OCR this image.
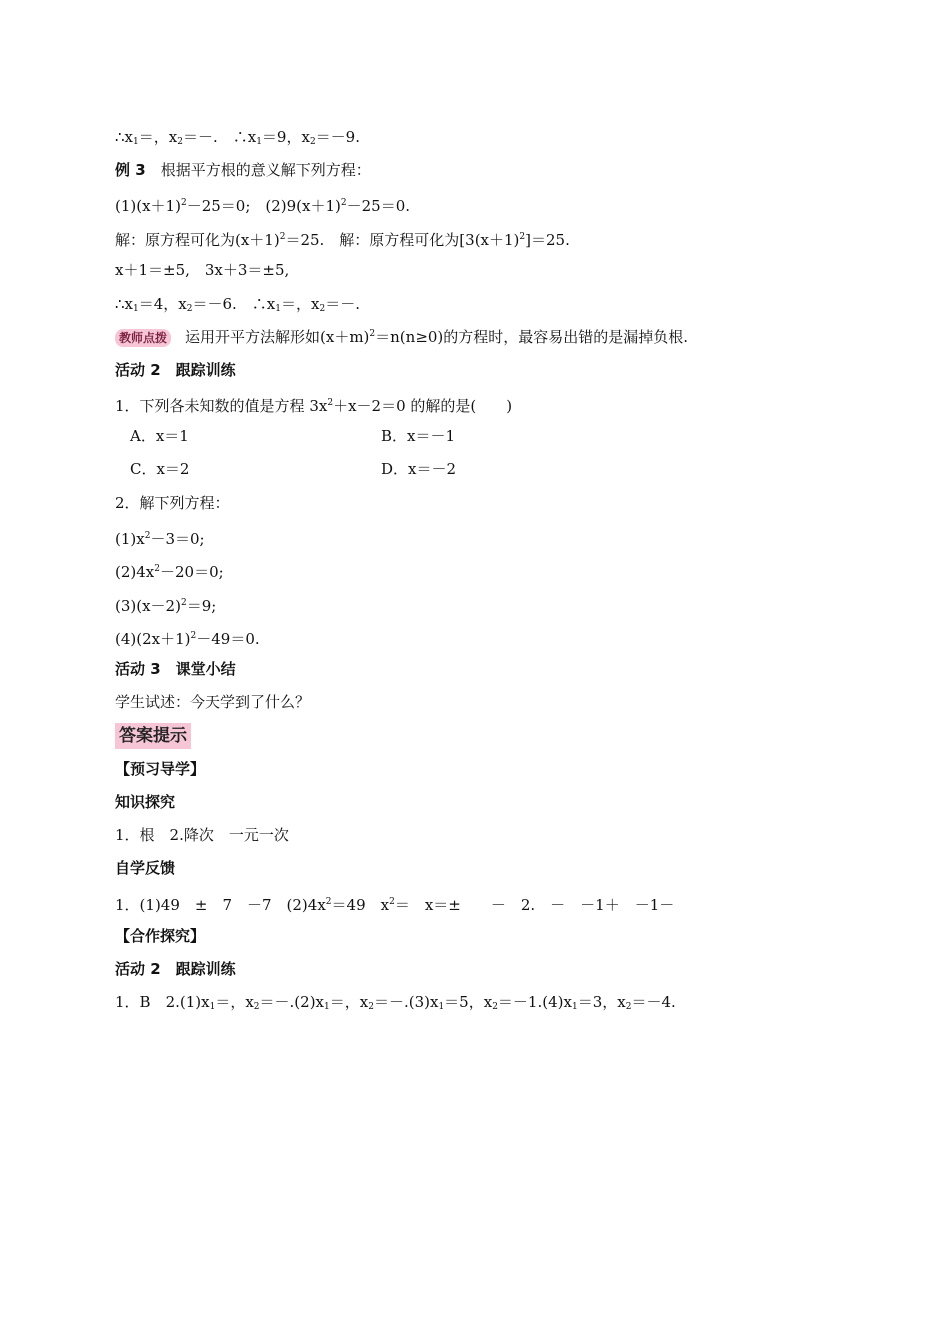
$\therefore x_1=$，$x_2=-$.　$\therefore x_1=9$，$x_2=-9$.
例 3　 根据平方根的意义解下列方程：
$(1)(x+1)^2-25=0$;　$(2)9(x+1)^2-25=0$.
解：原方程可化为$(x+1)^2=25$.　解：原方程可化为$[3(x+1)^2]=25$.
x＋1＝±5,　3x＋3＝±5,
$\therefore x_1=4$，$x_2=-6$.　$\therefore x_1=$，$x_2=-$.
教师点拨 运用开平方法解形如$(x+m)^2=n(n\ge 0)$的方程时，最容易出错的是漏掉负根.
活动 2　跟踪训练
1．下列各未知数的值是方程 $3x^2+x-2=0$ 的解的是(　　)
A．x＝1	B．x＝－1
C．x＝2	D．x＝－2
2．解下列方程：
$(1)x^2-3=0$;
$(2)4x^2-20=0$;
$(3)(x-2)^2=9$;
$(4)(2x+1)^2-49=0$.
活动 3　课堂小结
学生试述：今天学到了什么？
答案提示
【预习导学】
知识探究
1．根　2.降次　一元一次
自学反馈
1．(1)49　±　7　－7　$(2)4x^2=49$　$x^2=$　x＝±　　－　2.　－　－1＋　－1－
【合作探究】
活动 2　跟踪训练
1．B　$2.(1)x_1=$，$x_2=-.(2)x_1=$，$x_2=-.(3)x_1=5$，$x_2=-1.(4)x_1=3$，$x_2=-4$.
